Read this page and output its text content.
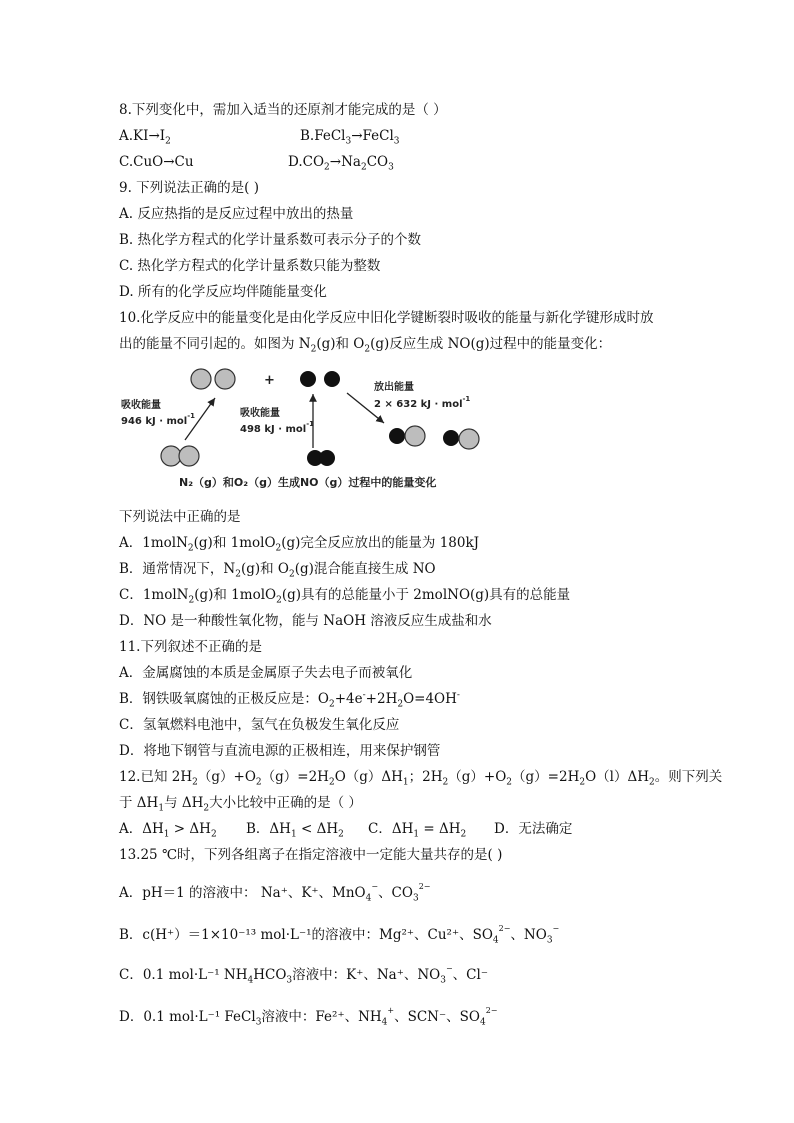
8.下列变化中，需加入适当的还原剂才能完成的是（ ）
$A.KI\to I_2$	B.FeCl$_3$→FeCl$_3$
C.CuO→Cu	$D.CO_2\to Na_2CO_3$
9. 下列说法正确的是( )
A. 反应热指的是反应过程中放出的热量
B. 热化学方程式的化学计量系数可表示分子的个数
C. 热化学方程式的化学计量系数只能为整数
D. 所有的化学反应均伴随能量变化
10.化学反应中的能量变化是由化学反应中旧化学键断裂时吸收的能量与新化学键形成时放
出的能量不同引起的。如图为 $N_2(g)$和 $O_2(g)$反应生成 NO(g)过程中的能量变化：
+
吸收能量
946 kJ · mol$^{-1}$	吸收能量
498 kJ · mol$^{-1}$
放出能量
2 × 632 kJ · mol$^{-1}$
N₂（g）和O₂（g）生成NO（g）过程中的能量变化
下列说法中正确的是
A．1molN$_2$(g)和 1molO$_2$(g)完全反应放出的能量为 180kJ
B．通常情况下，$N_2(g)$和 $O_2(g)$混合能直接生成 NO
C．1molN$_2$(g)和 1molO$_2$(g)具有的总能量小于 2molNO(g)具有的总能量
D．NO 是一种酸性氧化物，能与 NaOH 溶液反应生成盐和水
11.下列叙述不正确的是
A．金属腐蚀的本质是金属原子失去电子而被氧化
B．钢铁吸氧腐蚀的正极反应是：$O_2+4e^-+2H_2O=4OH^-$
C．氢氧燃料电池中，氢气在负极发生氧化反应
D．将地下钢管与直流电源的正极相连，用来保护钢管
12.已知 $2H_2(g)+O_2(g)=2H_2O(g)\Delta H_1$；$2H_2(g)+O_2(g)=2H_2O(l)\Delta H_2$。则下列关
于 $\Delta H_1$与 $\Delta H_2$大小比较中正确的是（ ）
A．$\Delta H_1 > \Delta H_2$ B．$\Delta H_1 < \Delta H_2$ C．$\Delta H_1 = \Delta H_2$ D．无法确定
13.25 ℃时，下列各组离子在指定溶液中一定能大量共存的是( )
A．pH＝1 的溶液中： Na⁺、K⁺、MnO$_4$−、$CO_3^{2-}$
B．c(H⁺）＝1×10⁻¹³ mol·L⁻¹的溶液中：Mg²⁺、Cu²⁺、$SO_4^{2-}$、$NO_3^-$
C．0.1 mol·L⁻¹ $NH_4HCO_3$溶液中：K⁺、Na⁺、$NO_3^-$、Cl⁻
D．0.1 mol·L⁻¹ FeCl$_3$溶液中：Fe²⁺、$NH_4^+$、SCN⁻、$SO_4^{2-}$
